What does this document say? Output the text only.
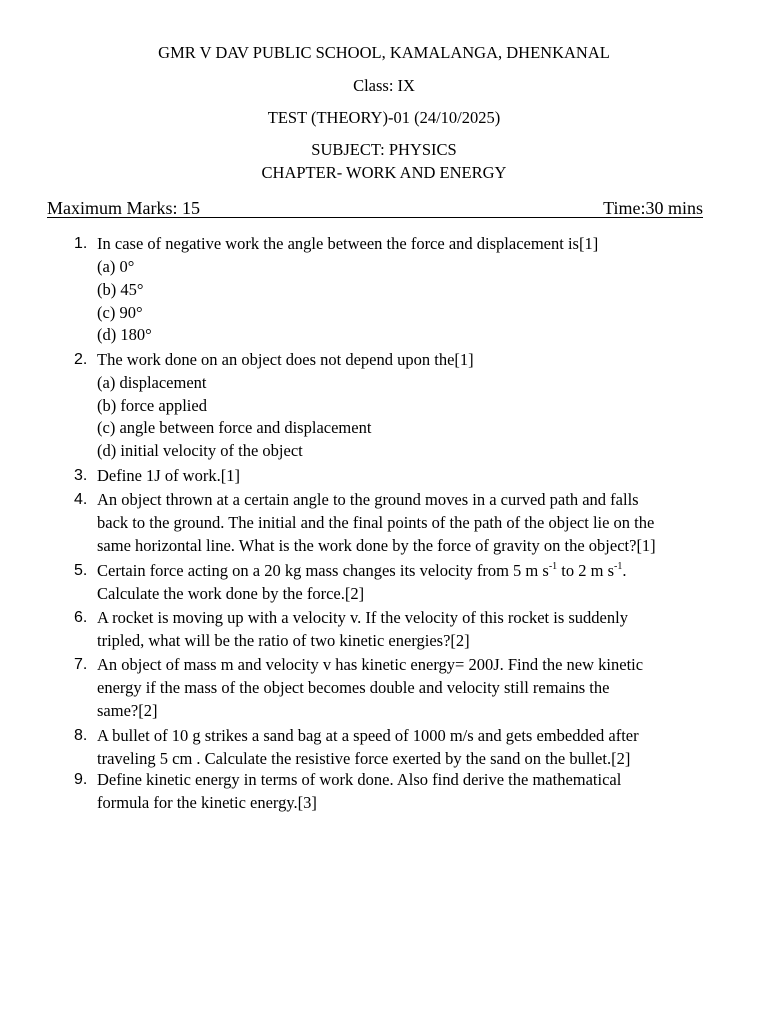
GMR V DAV PUBLIC SCHOOL, KAMALANGA, DHENKANAL
Class: IX
TEST (THEORY)-01 (24/10/2025)
SUBJECT: PHYSICS
CHAPTER- WORK AND ENERGY
Maximum Marks: 15	Time:30 mins
1. In case of negative work the angle between the force and displacement is[1]
(a) 0°
(b) 45°
(c) 90°
(d) 180°
2. The work done on an object does not depend upon the[1]
(a) displacement
(b) force applied
(c) angle between force and displacement
(d) initial velocity of the object
3. Define 1J of work.[1]
4. An object thrown at a certain angle to the ground moves in a curved path and falls
back to the ground. The initial and the final points of the path of the object lie on the
same horizontal line. What is the work done by the force of gravity on the object?[1]
5. Certain force acting on a 20 kg mass changes its velocity from 5 m $s^{-1}$ to 2 m $s^{-1}$.
Calculate the work done by the force.[2]
6. A rocket is moving up with a velocity v. If the velocity of this rocket is suddenly
tripled, what will be the ratio of two kinetic energies?[2]
7. An object of mass m and velocity v has kinetic energy= 200J. Find the new kinetic
energy if the mass of the object becomes double and velocity still remains the
same?[2]
8. A bullet of 10 g strikes a sand bag at a speed of 1000 m/s and gets embedded after
traveling 5 cm . Calculate the resistive force exerted by the sand on the bullet.[2]
9. Define kinetic energy in terms of work done. Also find derive the mathematical
formula for the kinetic energy.[3]
